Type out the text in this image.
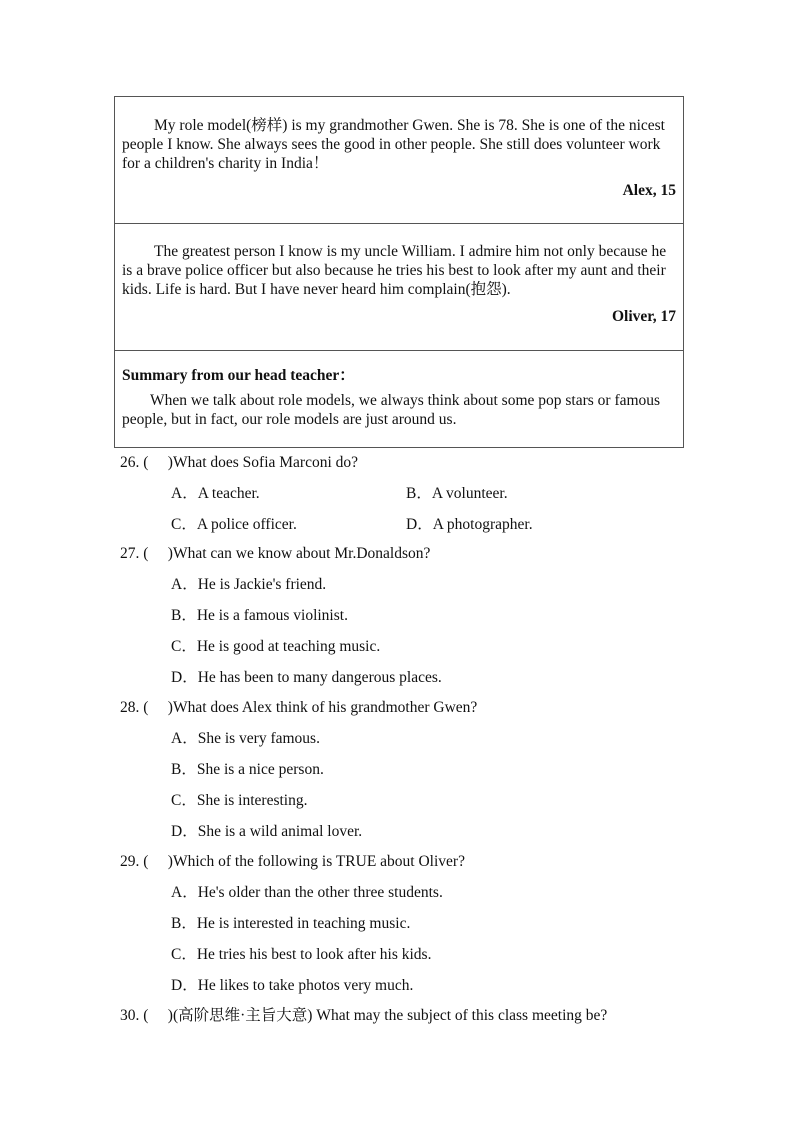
My role model(榜样) is my grandmother Gwen. She is 78. She is one of the nicest people I know. She always sees the good in other people. She still does volunteer work for a children's charity in India！

Alex, 15

The greatest person I know is my uncle William. I admire him not only because he is a brave police officer but also because he tries his best to look after my aunt and their kids. Life is hard. But I have never heard him complain(抱怨).

Oliver, 17
Summary from our head teacher：

When we talk about role models, we always think about some pop stars or famous people, but in fact, our role models are just around us.

26. (　 )What does Sofia Marconi do?
A．A teacher.	B．A volunteer.
C．A police officer.	D．A photographer.
27. (　 )What can we know about Mr.Donaldson?
A．He is Jackie's friend.
B．He is a famous violinist.
C．He is good at teaching music.
D．He has been to many dangerous places.
28. (　 )What does Alex think of his grandmother Gwen?
A．She is very famous.
B．She is a nice person.
C．She is interesting.
D．She is a wild animal lover.
29. (　 )Which of the following is TRUE about Oliver?
A．He's older than the other three students.
B．He is interested in teaching music.
C．He tries his best to look after his kids.
D．He likes to take photos very much.
30. (　 )(高阶思维·主旨大意) What may the subject of this class meeting be?
